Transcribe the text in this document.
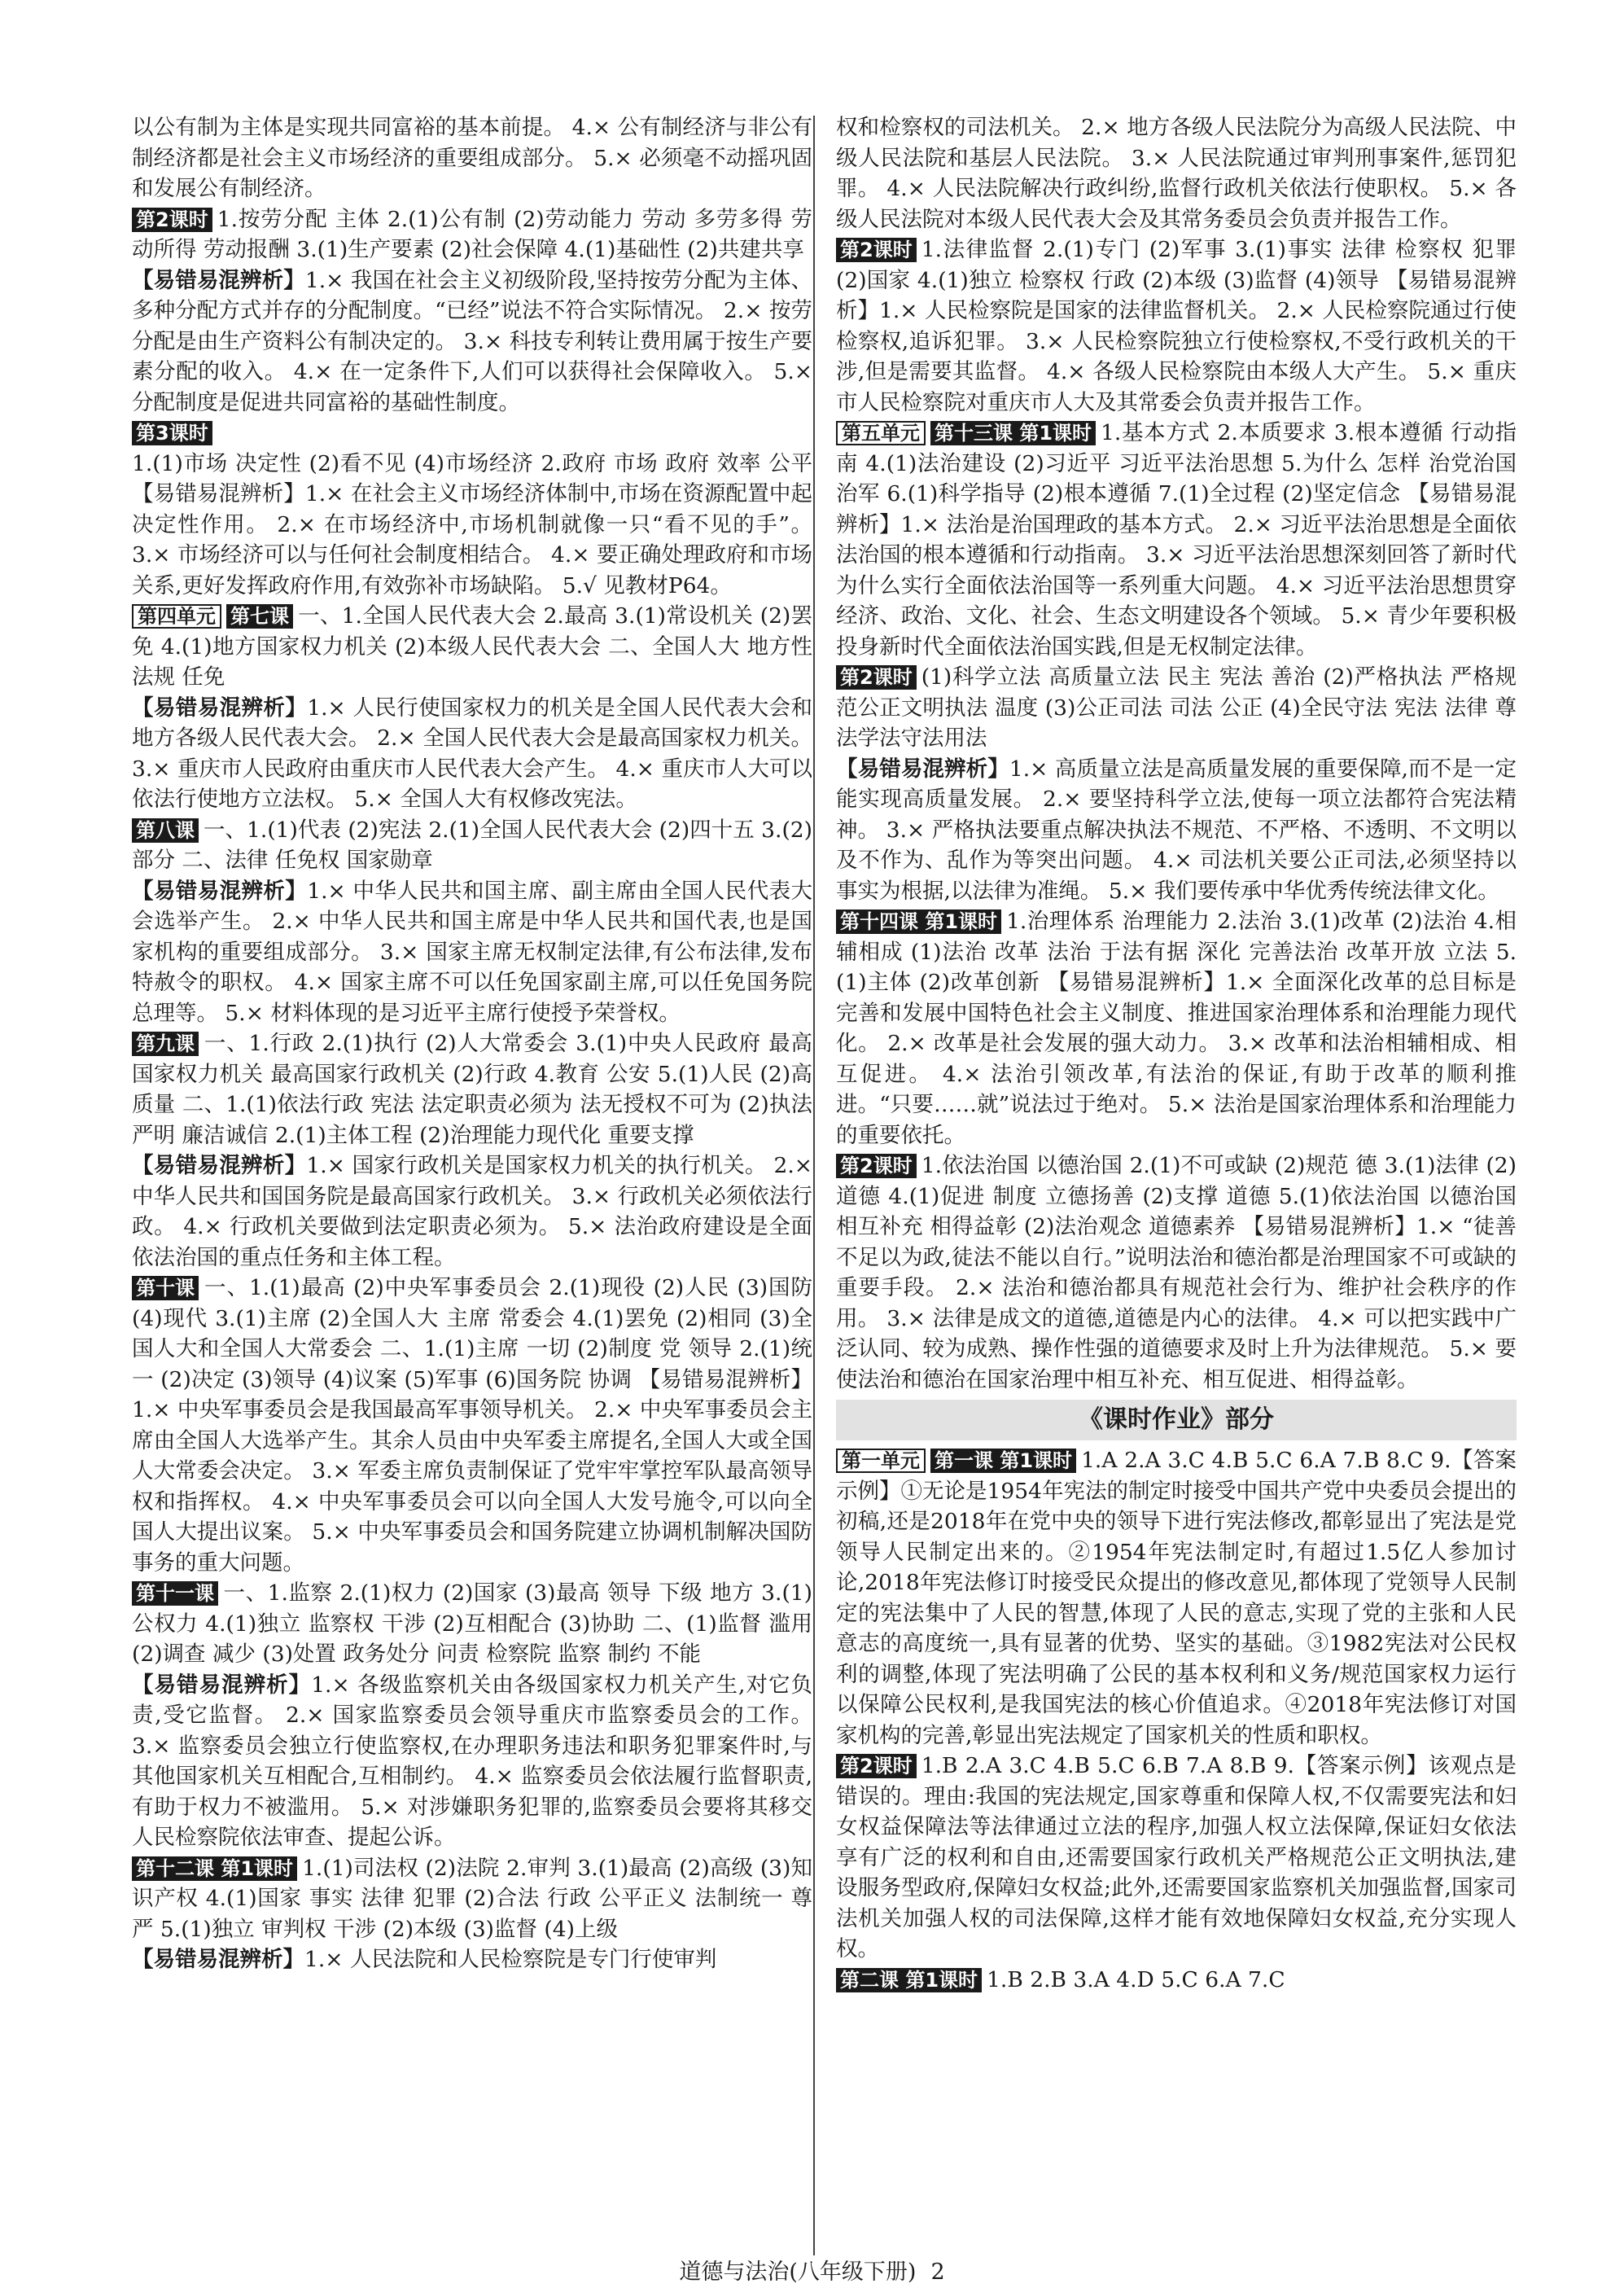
以公有制为主体是实现共同富裕的基本前提。 4.× 公有制经济与非公有制经济都是社会主义市场经济的重要组成部分。 5.× 必须毫不动摇巩固和发展公有制经济。

第2课时 1.按劳分配 主体 2.(1)公有制 (2)劳动能力 劳动 多劳多得 劳动所得 劳动报酬 3.(1)生产要素 (2)社会保障 4.(1)基础性 (2)共建共享

【易错易混辨析】1.× 我国在社会主义初级阶段,坚持按劳分配为主体、多种分配方式并存的分配制度。“已经”说法不符合实际情况。 2.× 按劳分配是由生产资料公有制决定的。 3.× 科技专利转让费用属于按生产要素分配的收入。 4.× 在一定条件下,人们可以获得社会保障收入。 5.× 分配制度是促进共同富裕的基础性制度。

第3课时

1.(1)市场 决定性 (2)看不见 (4)市场经济 2.政府 市场 政府 效率 公平 【易错易混辨析】1.× 在社会主义市场经济体制中,市场在资源配置中起决定性作用。 2.× 在市场经济中,市场机制就像一只“看不见的手”。 3.× 市场经济可以与任何社会制度相结合。 4.× 要正确处理政府和市场关系,更好发挥政府作用,有效弥补市场缺陷。 5.√ 见教材P64。

第四单元 第七课 一、1.全国人民代表大会 2.最高 3.(1)常设机关 (2)罢免 4.(1)地方国家权力机关 (2)本级人民代表大会 二、全国人大 地方性法规 任免

【易错易混辨析】1.× 人民行使国家权力的机关是全国人民代表大会和地方各级人民代表大会。 2.× 全国人民代表大会是最高国家权力机关。 3.× 重庆市人民政府由重庆市人民代表大会产生。 4.× 重庆市人大可以依法行使地方立法权。 5.× 全国人大有权修改宪法。

第八课 一、1.(1)代表 (2)宪法 2.(1)全国人民代表大会 (2)四十五 3.(2)部分 二、法律 任免权 国家勋章

【易错易混辨析】1.× 中华人民共和国主席、副主席由全国人民代表大会选举产生。 2.× 中华人民共和国主席是中华人民共和国代表,也是国家机构的重要组成部分。 3.× 国家主席无权制定法律,有公布法律,发布特赦令的职权。 4.× 国家主席不可以任免国家副主席,可以任免国务院总理等。 5.× 材料体现的是习近平主席行使授予荣誉权。

第九课 一、1.行政 2.(1)执行 (2)人大常委会 3.(1)中央人民政府 最高国家权力机关 最高国家行政机关 (2)行政 4.教育 公安 5.(1)人民 (2)高质量 二、1.(1)依法行政 宪法 法定职责必须为 法无授权不可为 (2)执法严明 廉洁诚信 2.(1)主体工程 (2)治理能力现代化 重要支撑

【易错易混辨析】1.× 国家行政机关是国家权力机关的执行机关。 2.× 中华人民共和国国务院是最高国家行政机关。 3.× 行政机关必须依法行政。 4.× 行政机关要做到法定职责必须为。 5.× 法治政府建设是全面依法治国的重点任务和主体工程。

第十课 一、1.(1)最高 (2)中央军事委员会 2.(1)现役 (2)人民 (3)国防 (4)现代 3.(1)主席 (2)全国人大 主席 常委会 4.(1)罢免 (2)相同 (3)全国人大和全国人大常委会 二、1.(1)主席 一切 (2)制度 党 领导 2.(1)统一 (2)决定 (3)领导 (4)议案 (5)军事 (6)国务院 协调 【易错易混辨析】1.× 中央军事委员会是我国最高军事领导机关。 2.× 中央军事委员会主席由全国人大选举产生。其余人员由中央军委主席提名,全国人大或全国人大常委会决定。 3.× 军委主席负责制保证了党牢牢掌控军队最高领导权和指挥权。 4.× 中央军事委员会可以向全国人大发号施令,可以向全国人大提出议案。 5.× 中央军事委员会和国务院建立协调机制解决国防事务的重大问题。

第十一课 一、1.监察 2.(1)权力 (2)国家 (3)最高 领导 下级 地方 3.(1)公权力 4.(1)独立 监察权 干涉 (2)互相配合 (3)协助 二、(1)监督 滥用 (2)调查 减少 (3)处置 政务处分 问责 检察院 监察 制约 不能

【易错易混辨析】1.× 各级监察机关由各级国家权力机关产生,对它负责,受它监督。 2.× 国家监察委员会领导重庆市监察委员会的工作。 3.× 监察委员会独立行使监察权,在办理职务违法和职务犯罪案件时,与其他国家机关互相配合,互相制约。 4.× 监察委员会依法履行监督职责,有助于权力不被滥用。 5.× 对涉嫌职务犯罪的,监察委员会要将其移交人民检察院依法审查、提起公诉。

第十二课 第1课时 1.(1)司法权 (2)法院 2.审判 3.(1)最高 (2)高级 (3)知识产权 4.(1)国家 事实 法律 犯罪 (2)合法 行政 公平正义 法制统一 尊严 5.(1)独立 审判权 干涉 (2)本级 (3)监督 (4)上级

【易错易混辨析】1.× 人民法院和人民检察院是专门行使审判

权和检察权的司法机关。 2.× 地方各级人民法院分为高级人民法院、中级人民法院和基层人民法院。 3.× 人民法院通过审判刑事案件,惩罚犯罪。 4.× 人民法院解决行政纠纷,监督行政机关依法行使职权。 5.× 各级人民法院对本级人民代表大会及其常务委员会负责并报告工作。

第2课时 1.法律监督 2.(1)专门 (2)军事 3.(1)事实 法律 检察权 犯罪 (2)国家 4.(1)独立 检察权 行政 (2)本级 (3)监督 (4)领导 【易错易混辨析】1.× 人民检察院是国家的法律监督机关。 2.× 人民检察院通过行使检察权,追诉犯罪。 3.× 人民检察院独立行使检察权,不受行政机关的干涉,但是需要其监督。 4.× 各级人民检察院由本级人大产生。 5.× 重庆市人民检察院对重庆市人大及其常委会负责并报告工作。

第五单元 第十三课 第1课时 1.基本方式 2.本质要求 3.根本遵循 行动指南 4.(1)法治建设 (2)习近平 习近平法治思想 5.为什么 怎样 治党治国治军 6.(1)科学指导 (2)根本遵循 7.(1)全过程 (2)坚定信念 【易错易混辨析】1.× 法治是治国理政的基本方式。 2.× 习近平法治思想是全面依法治国的根本遵循和行动指南。 3.× 习近平法治思想深刻回答了新时代为什么实行全面依法治国等一系列重大问题。 4.× 习近平法治思想贯穿经济、政治、文化、社会、生态文明建设各个领域。 5.× 青少年要积极投身新时代全面依法治国实践,但是无权制定法律。

第2课时 (1)科学立法 高质量立法 民主 宪法 善治 (2)严格执法 严格规范公正文明执法 温度 (3)公正司法 司法 公正 (4)全民守法 宪法 法律 尊法学法守法用法

【易错易混辨析】1.× 高质量立法是高质量发展的重要保障,而不是一定能实现高质量发展。 2.× 要坚持科学立法,使每一项立法都符合宪法精神。 3.× 严格执法要重点解决执法不规范、不严格、不透明、不文明以及不作为、乱作为等突出问题。 4.× 司法机关要公正司法,必须坚持以事实为根据,以法律为准绳。 5.× 我们要传承中华优秀传统法律文化。

第十四课 第1课时 1.治理体系 治理能力 2.法治 3.(1)改革 (2)法治 4.相辅相成 (1)法治 改革 法治 于法有据 深化 完善法治 改革开放 立法 5.(1)主体 (2)改革创新 【易错易混辨析】1.× 全面深化改革的总目标是完善和发展中国特色社会主义制度、推进国家治理体系和治理能力现代化。 2.× 改革是社会发展的强大动力。 3.× 改革和法治相辅相成、相互促进。 4.× 法治引领改革,有法治的保证,有助于改革的顺利推进。“只要……就”说法过于绝对。 5.× 法治是国家治理体系和治理能力的重要依托。

第2课时 1.依法治国 以德治国 2.(1)不可或缺 (2)规范 德 3.(1)法律 (2)道德 4.(1)促进 制度 立德扬善 (2)支撑 道德 5.(1)依法治国 以德治国 相互补充 相得益彰 (2)法治观念 道德素养 【易错易混辨析】1.× “徒善不足以为政,徒法不能以自行。”说明法治和德治都是治理国家不可或缺的重要手段。 2.× 法治和德治都具有规范社会行为、维护社会秩序的作用。 3.× 法律是成文的道德,道德是内心的法律。 4.× 可以把实践中广泛认同、较为成熟、操作性强的道德要求及时上升为法律规范。 5.× 要使法治和德治在国家治理中相互补充、相互促进、相得益彰。

《课时作业》部分

第一单元 第一课 第1课时 1.A 2.A 3.C 4.B 5.C 6.A 7.B 8.C 9.【答案示例】①无论是1954年宪法的制定时接受中国共产党中央委员会提出的初稿,还是2018年在党中央的领导下进行宪法修改,都彰显出了宪法是党领导人民制定出来的。②1954年宪法制定时,有超过1.5亿人参加讨论,2018年宪法修订时接受民众提出的修改意见,都体现了党领导人民制定的宪法集中了人民的智慧,体现了人民的意志,实现了党的主张和人民意志的高度统一,具有显著的优势、坚实的基础。③1982宪法对公民权利的调整,体现了宪法明确了公民的基本权利和义务/规范国家权力运行以保障公民权利,是我国宪法的核心价值追求。④2018年宪法修订对国家机构的完善,彰显出宪法规定了国家机关的性质和职权。

第2课时 1.B 2.A 3.C 4.B 5.C 6.B 7.A 8.B 9.【答案示例】该观点是错误的。理由:我国的宪法规定,国家尊重和保障人权,不仅需要宪法和妇女权益保障法等法律通过立法的程序,加强人权立法保障,保证妇女依法享有广泛的权利和自由,还需要国家行政机关严格规范公正文明执法,建设服务型政府,保障妇女权益;此外,还需要国家监察机关加强监督,国家司法机关加强人权的司法保障,这样才能有效地保障妇女权益,充分实现人权。

第二课 第1课时 1.B 2.B 3.A 4.D 5.C 6.A 7.C

道德与法治(八年级下册) 2
